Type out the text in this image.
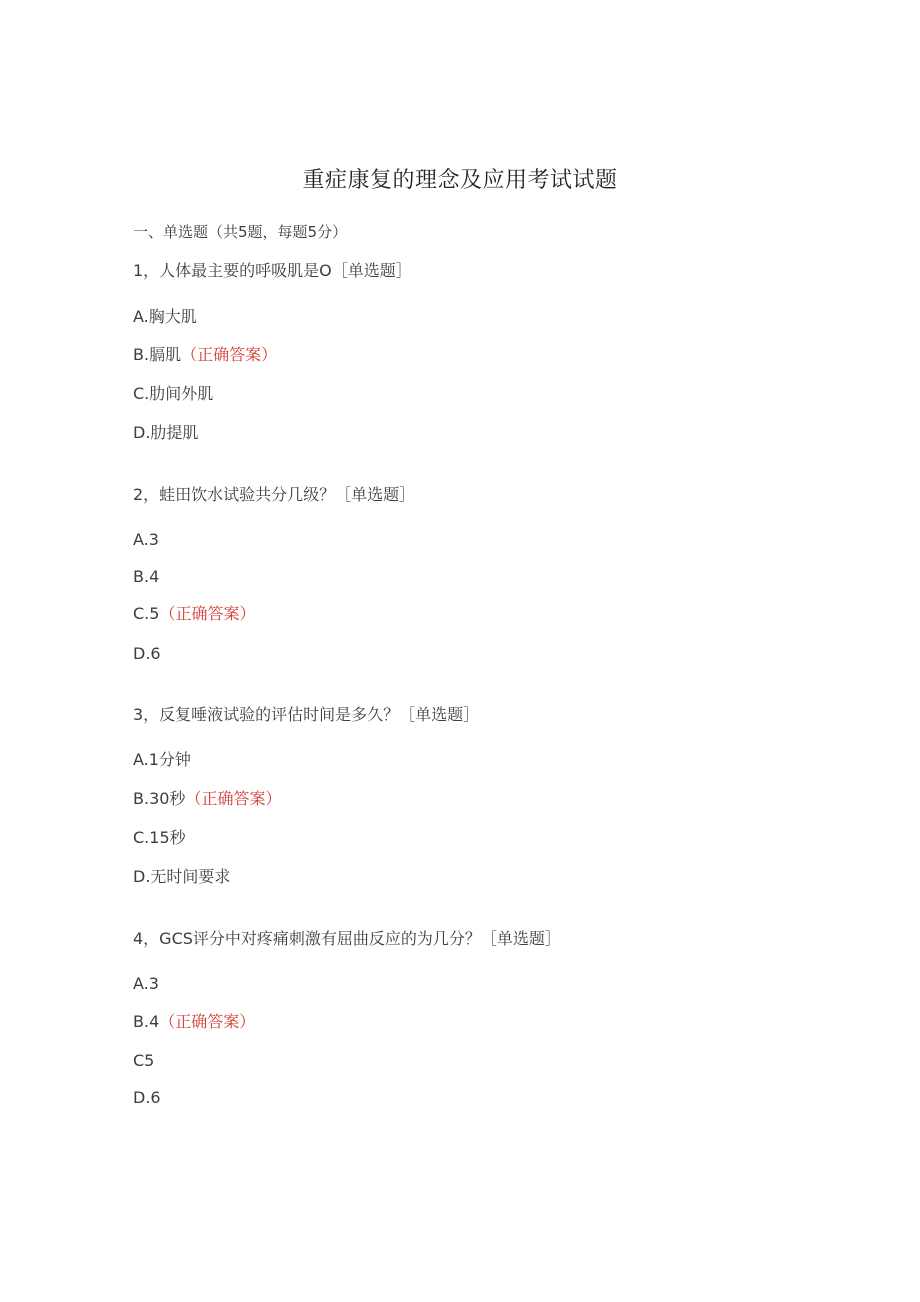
重症康复的理念及应用考试试题
一、单选题（共5题，每题5分）
1，人体最主要的呼吸肌是O［单选题］
A.胸大肌
B.膈肌（正确答案）
C.肋间外肌
D.肋提肌
2，蛙田饮水试验共分几级？［单选题］
A.3
B.4
C.5（正确答案）
D.6
3，反复唾液试验的评估时间是多久？［单选题］
A.1分钟
B.30秒（正确答案）
C.15秒
D.无时间要求
4，GCS评分中对疼痛刺激有屈曲反应的为几分？［单选题］
A.3
B.4（正确答案）
C5
D.6
